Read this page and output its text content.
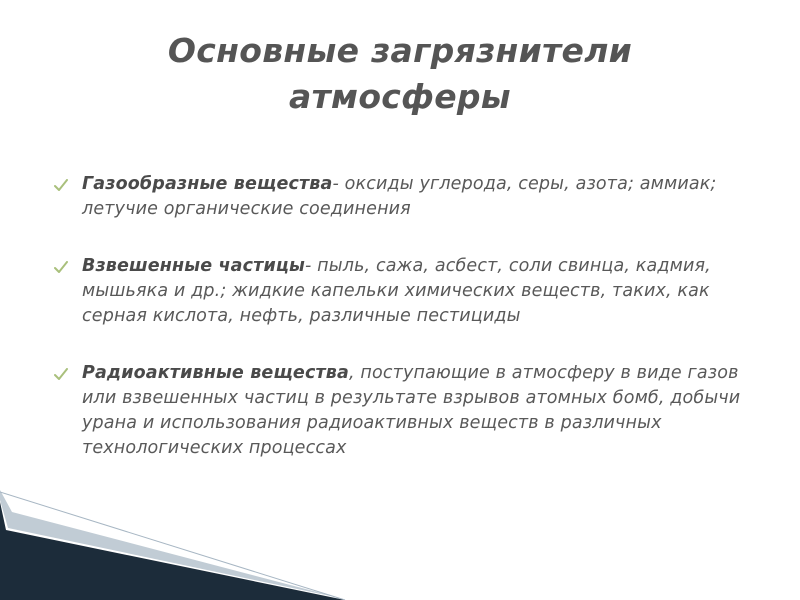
Основные загрязнители
атмосферы
Газообразные вещества- оксиды углерода, серы, азота; аммиак; летучие органические соединения
Взвешенные частицы- пыль, сажа, асбест, соли свинца, кадмия, мышьяка и др.; жидкие капельки химических веществ, таких, как серная кислота, нефть, различные пестициды
Радиоактивные вещества, поступающие в атмосферу в виде газов или взвешенных частиц в результате взрывов атомных бомб, добычи урана и использования радиоактивных веществ в различных технологических процессах
